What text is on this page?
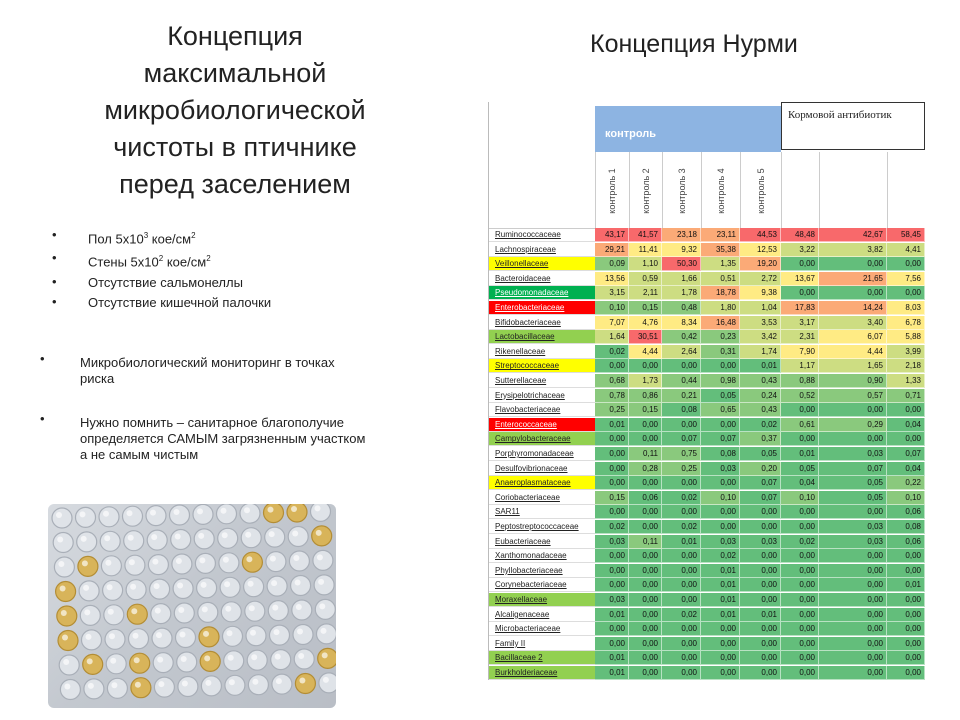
Концепция
максимальной
микробиологической
чистоты в птичнике
перед заселением
• Пол $5х10^3$ кое/$см^2$
• Стены $5х10^2$ кое/$см^2$
• Отсутствие сальмонеллы
• Отсутствие кишечной палочки
• Микробиологический мониторинг в точках риска
• Нужно помнить – санитарное благополучие определяется САМЫМ загрязненным участком а не самым чистым
Концепция Нурми
контроль
Кормовой антибиотик
контроль 1	контроль 2	контроль 3	контроль 4	контроль 5
Ruminococcaceae	43,17	41,57	23,18	23,11	44,53	48,48	42,67	58,45
Lachnospiraceae	29,21	11,41	9,32	35,38	12,53	3,22	3,82	4,41
Veillonellaceae	0,09	1,10	50,30	1,35	19,20	0,00	0,00	0,00
Bacteroidaceae	13,56	0,59	1,66	0,51	2,72	13,67	21,65	7,56
Pseudomonadaceae	3,15	2,11	1,78	18,78	9,38	0,00	0,00	0,00
Enterobacteriaceae	0,10	0,15	0,48	1,80	1,04	17,83	14,24	8,03
Bifidobacteriaceae	7,07	4,76	8,34	16,48	3,53	3,17	3,40	6,78
Lactobacillaceae	1,64	30,51	0,42	0,23	3,42	2,31	6,07	5,88
Rikenellaceae	0,02	4,44	2,64	0,31	1,74	7,90	4,44	3,99
Streptococcaceae	0,00	0,00	0,00	0,00	0,01	1,17	1,65	2,18
Sutterellaceae	0,68	1,73	0,44	0,98	0,43	0,88	0,90	1,33
Erysipelotrichaceae	0,78	0,86	0,21	0,05	0,24	0,52	0,57	0,71
Flavobacteriaceae	0,25	0,15	0,08	0,65	0,43	0,00	0,00	0,00
Enterococcaceae	0,01	0,00	0,00	0,00	0,02	0,61	0,29	0,04
Campylobacteraceae	0,00	0,00	0,07	0,07	0,37	0,00	0,00	0,00
Porphyromonadaceae	0,00	0,11	0,75	0,08	0,05	0,01	0,03	0,07
Desulfovibrionaceae	0,00	0,28	0,25	0,03	0,20	0,05	0,07	0,04
Anaeroplasmataceae	0,00	0,00	0,00	0,00	0,07	0,04	0,05	0,22
Coriobacteriaceae	0,15	0,06	0,02	0,10	0,07	0,10	0,05	0,10
SAR11	0,00	0,00	0,00	0,00	0,00	0,00	0,00	0,06
Peptostreptococcaceae	0,02	0,00	0,02	0,00	0,00	0,00	0,03	0,08
Eubacteriaceae	0,03	0,11	0,01	0,03	0,03	0,02	0,03	0,06
Xanthomonadaceae	0,00	0,00	0,00	0,02	0,00	0,00	0,00	0,00
Phyllobacteriaceae	0,00	0,00	0,00	0,01	0,00	0,00	0,00	0,00
Corynebacteriaceae	0,00	0,00	0,00	0,01	0,00	0,00	0,00	0,01
Moraxellaceae	0,03	0,00	0,00	0,01	0,00	0,00	0,00	0,00
Alcaligenaceae	0,01	0,00	0,02	0,01	0,01	0,00	0,00	0,00
Microbacteriaceae	0,00	0,00	0,00	0,00	0,00	0,00	0,00	0,00
Family II	0,00	0,00	0,00	0,00	0,00	0,00	0,00	0,00
Bacillaceae 2	0,01	0,00	0,00	0,00	0,00	0,00	0,00	0,00
Burkholderiaceae	0,01	0,00	0,00	0,00	0,00	0,00	0,00	0,00
